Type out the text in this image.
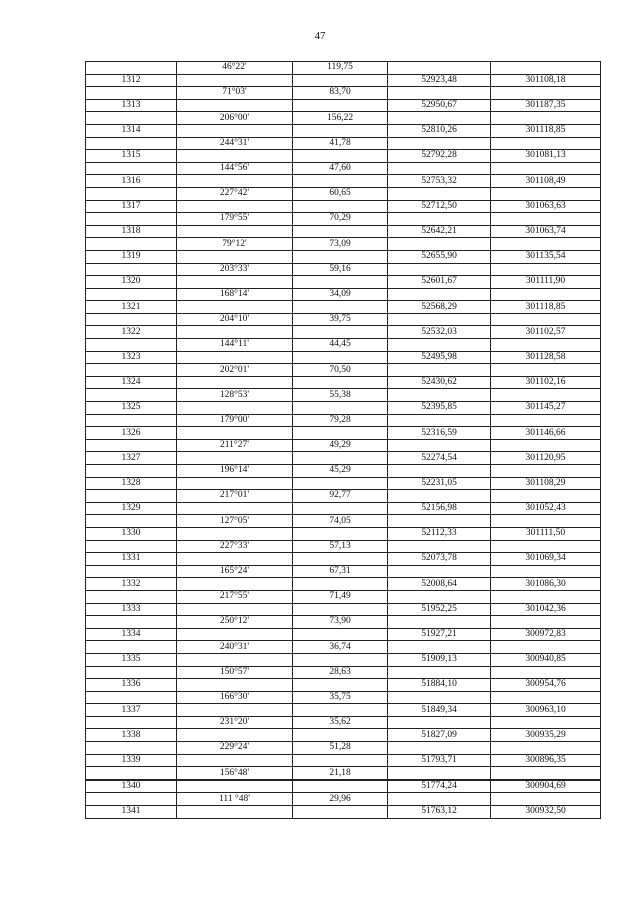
47
	46°22'	119,75		
1312			52923,48	301108,18
	71°03'	83,70		
1313			52950,67	301187,35
	206°00'	156,22		
1314			52810,26	301118,85
	244°31'	41,78		
1315			52792,28	301081,13
	144°56'	47,60		
1316			52753,32	301108,49
	227°42'	60,65		
1317			52712,50	301063,63
	179°55'	70,29		
1318			52642,21	301063,74
	79°12'	73,09		
1319			52655,90	301135,54
	203°33'	59,16		
1320			52601,67	301111,90
	168°14'	34,09		
1321			52568,29	301118,85
	204°10'	39,75		
1322			52532,03	301102,57
	144°11'	44,45		
1323			52495,98	301128,58
	202°01'	70,50		
1324			52430,62	301102,16
	128°53'	55,38		
1325			52395,85	301145,27
	179°00'	79,28		
1326			52316,59	301146,66
	211°27'	49,29		
1327			52274,54	301120,95
	196°14'	45,29		
1328			52231,05	301108,29
	217°01'	92,77		
1329			52156,98	301052,43
	127°05'	74,05		
1330			52112,33	301111,50
	227°33'	57,13		
1331			52073,78	301069,34
	165°24'	67,31		
1332			52008,64	301086,30
	217°55'	71,49		
1333			51952,25	301042,36
	250°12'	73,90		
1334			51927,21	300972,83
	240°31'	36,74		
1335			51909,13	300940,85
	150°57'	28,63		
1336			51884,10	300954,76
	166°30'	35,75		
1337			51849,34	300963,10
	231°20'	35,62		
1338			51827,09	300935,29
	229°24'	51,28		
1339			51793,71	300896,35
	156°48'	21,18		
1340			51774,24	300904,69
	111 °48'	29,96		
1341			51763,12	300932,50
